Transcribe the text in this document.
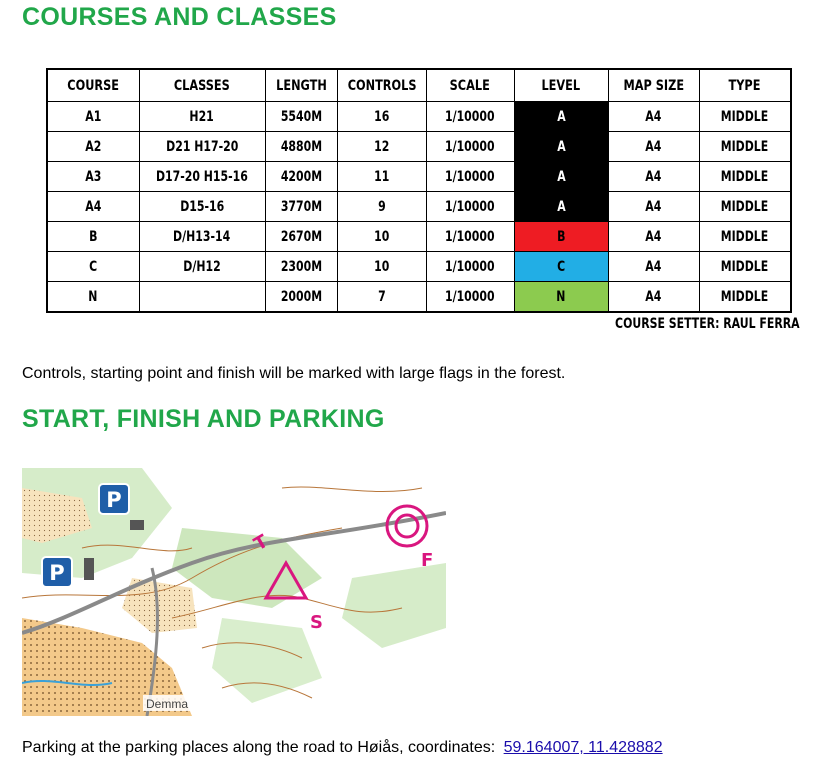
COURSES AND CLASSES
COURSE	CLASSES	LENGTH	CONTROLS	SCALE	LEVEL	MAP SIZE	TYPE
A1	H21	5540M	16	1/10000	A	A4	MIDDLE
A2	D21 H17-20	4880M	12	1/10000	A	A4	MIDDLE
A3	D17-20 H15-16	4200M	11	1/10000	A	A4	MIDDLE
A4	D15-16	3770M	9	1/10000	A	A4	MIDDLE
B	D/H13-14	2670M	10	1/10000	B	A4	MIDDLE
C	D/H12	2300M	10	1/10000	C	A4	MIDDLE
N		2000M	7	1/10000	N	A4	MIDDLE
COURSE SETTER: RAUL FERRA
Controls, starting point and finish will be marked with large flags in the forest.
START, FINISH AND PARKING
P
P
S
T
F
Demma
Parking at the parking places along the road to Høiås, coordinates: 59.164007, 11.428882
